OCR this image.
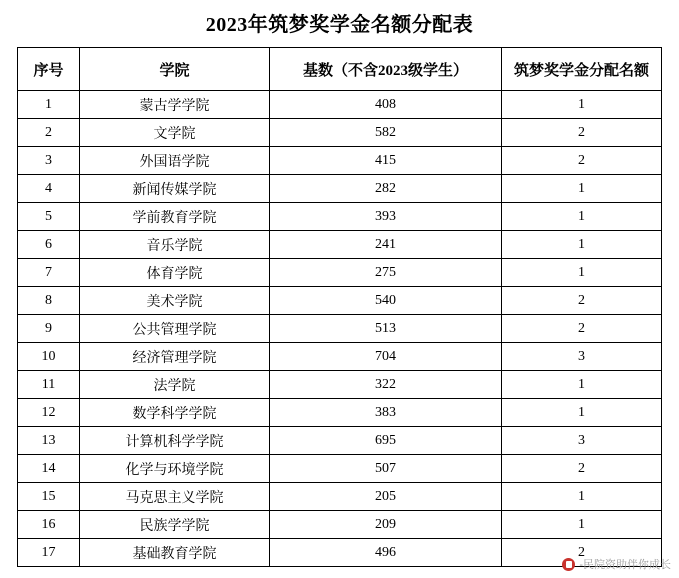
2023年筑梦奖学金名额分配表
序号	学院	基数（不含2023级学生）	筑梦奖学金分配名额
1	蒙古学学院	408	1
2	文学院	582	2
3	外国语学院	415	2
4	新闻传媒学院	282	1
5	学前教育学院	393	1
6	音乐学院	241	1
7	体育学院	275	1
8	美术学院	540	2
9	公共管理学院	513	2
10	经济管理学院	704	3
11	法学院	322	1
12	数学科学学院	383	1
13	计算机科学学院	695	3
14	化学与环境学院	507	2
15	马克思主义学院	205	1
16	民族学学院	209	1
17	基础教育学院	496	2
-民院资助伴你成长
